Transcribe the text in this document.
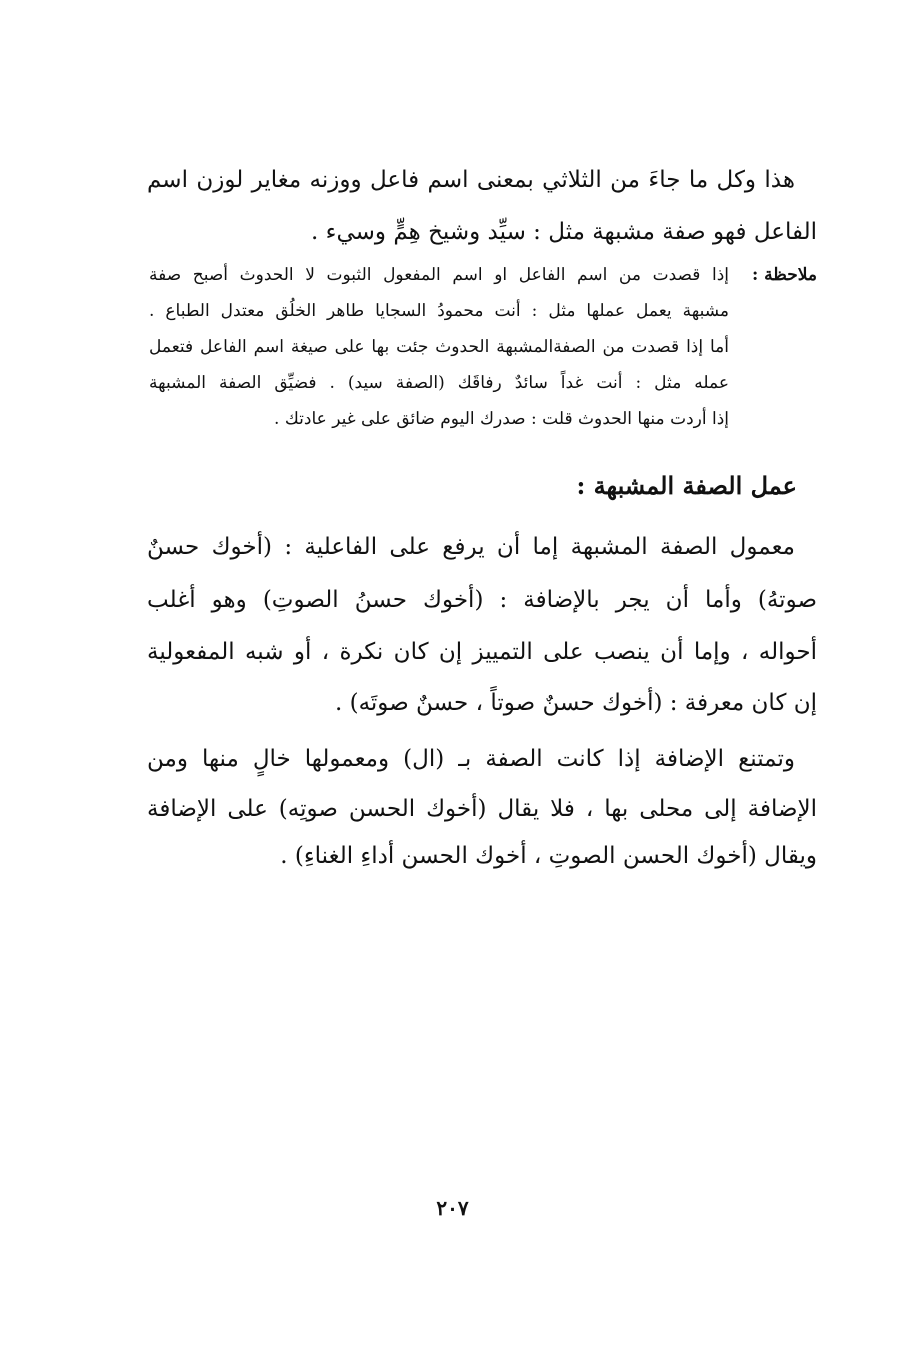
هذا وكل ما جاءَ من الثلاثي بمعنى اسم فاعل ووزنه مغاير لوزن اسم
الفاعل فهو صفة مشبهة مثل : سيِّد وشيخ هِمٍّ وسيء .
ملاحظة :
إذا قصدت من اسم الفاعل او اسم المفعول الثبوت لا الحدوث أصبح صفة
مشبهة يعمل عملها مثل : أنت محمودُ السجايا طاهر الخلُق معتدل الطباع .
أما إذا قصدت من الصفةالمشبهة الحدوث جئت بها على صيغة اسم الفاعل فتعمل
عمله مثل : أنت غداً سائدٌ رفاقَك (الصفة سيد) . فضيِّق الصفة المشبهة
إذا أردت منها الحدوث قلت : صدرك اليوم ضائق على غير عادتك .
عمل الصفة المشبهة :
معمول الصفة المشبهة إما أن يرفع على الفاعلية : (أخوك حسنٌ
صوتهُ) وأما أن يجر بالإضافة : (أخوك حسنُ الصوتِ) وهو أغلب
أحواله ، وإما أن ينصب على التمييز إن كان نكرة ، أو شبه المفعولية
إن كان معرفة : (أخوك حسنٌ صوتاً ، حسنٌ صوتَه) .
وتمتنع الإضافة إذا كانت الصفة بـ (ال) ومعمولها خالٍ منها ومن
الإضافة إلى محلى بها ، فلا يقال (أخوك الحسن صوتِه) على الإضافة
ويقال (أخوك الحسن الصوتِ ، أخوك الحسن أداءِ الغناءِ) .
٢٠٧
